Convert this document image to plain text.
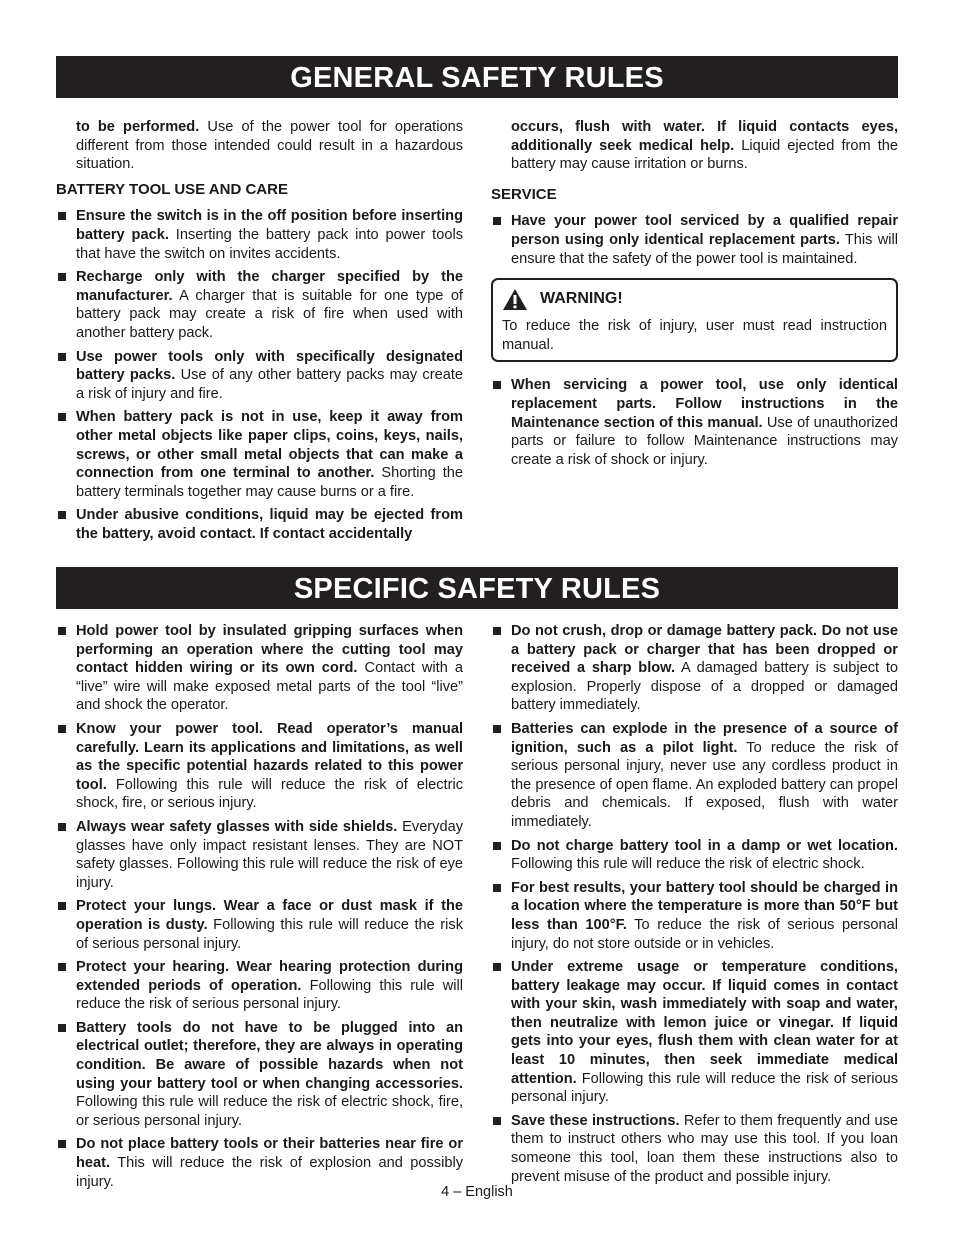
GENERAL SAFETY RULES

to be performed. Use of the power tool for operations different from those intended could result in a hazardous situation.

BATTERY TOOL USE AND CARE
Ensure the switch is in the off position before inserting battery pack. Inserting the battery pack into power tools that have the switch on invites accidents.
Recharge only with the charger specified by the manufacturer. A charger that is suitable for one type of battery pack may create a risk of fire when used with another battery pack.
Use power tools only with specifically designated battery packs. Use of any other battery packs may create a risk of injury and fire.
When battery pack is not in use, keep it away from other metal objects like paper clips, coins, keys, nails, screws, or other small metal objects that can make a connection from one terminal to another. Shorting the battery terminals together may cause burns or a fire.
Under abusive conditions, liquid may be ejected from the battery, avoid contact. If contact accidentally

occurs, flush with water. If liquid contacts eyes, additionally seek medical help. Liquid ejected from the battery may cause irritation or burns.

SERVICE
Have your power tool serviced by a qualified repair person using only identical replacement parts. This will ensure that the safety of the power tool is maintained.
WARNING!

To reduce the risk of injury, user must read instruction manual.

When servicing a power tool, use only identical replacement parts. Follow instructions in the Maintenance section of this manual. Use of unauthorized parts or failure to follow Maintenance instructions may create a risk of shock or injury.
SPECIFIC SAFETY RULES
Hold power tool by insulated gripping surfaces when performing an operation where the cutting tool may contact hidden wiring or its own cord. Contact with a “live” wire will make exposed metal parts of the tool “live” and shock the operator.
Know your power tool. Read operator’s manual carefully. Learn its applications and limitations, as well as the specific potential hazards related to this power tool. Following this rule will reduce the risk of electric shock, fire, or serious injury.
Always wear safety glasses with side shields. Everyday glasses have only impact resistant lenses. They are NOT safety glasses. Following this rule will reduce the risk of eye injury.
Protect your lungs. Wear a face or dust mask if the operation is dusty. Following this rule will reduce the risk of serious personal injury.
Protect your hearing. Wear hearing protection during extended periods of operation. Following this rule will reduce the risk of serious personal injury.
Battery tools do not have to be plugged into an electrical outlet; therefore, they are always in operating condition. Be aware of possible hazards when not using your battery tool or when changing accessories. Following this rule will reduce the risk of electric shock, fire, or serious personal injury.
Do not place battery tools or their batteries near fire or heat. This will reduce the risk of explosion and possibly injury.
Do not crush, drop or damage battery pack. Do not use a battery pack or charger that has been dropped or received a sharp blow. A damaged battery is subject to explosion. Properly dispose of a dropped or damaged battery immediately.
Batteries can explode in the presence of a source of ignition, such as a pilot light. To reduce the risk of serious personal injury, never use any cordless product in the presence of open flame. An exploded battery can propel debris and chemicals. If exposed, flush with water immediately.
Do not charge battery tool in a damp or wet location. Following this rule will reduce the risk of electric shock.
For best results, your battery tool should be charged in a location where the temperature is more than 50°F but less than 100°F. To reduce the risk of serious personal injury, do not store outside or in vehicles.
Under extreme usage or temperature conditions, battery leakage may occur. If liquid comes in contact with your skin, wash immediately with soap and water, then neutralize with lemon juice or vinegar. If liquid gets into your eyes, flush them with clean water for at least 10 minutes, then seek immediate medical attention. Following this rule will reduce the risk of serious personal injury.
Save these instructions. Refer to them frequently and use them to instruct others who may use this tool. If you loan someone this tool, loan them these instructions also to prevent misuse of the product and possible injury.
4 – English
